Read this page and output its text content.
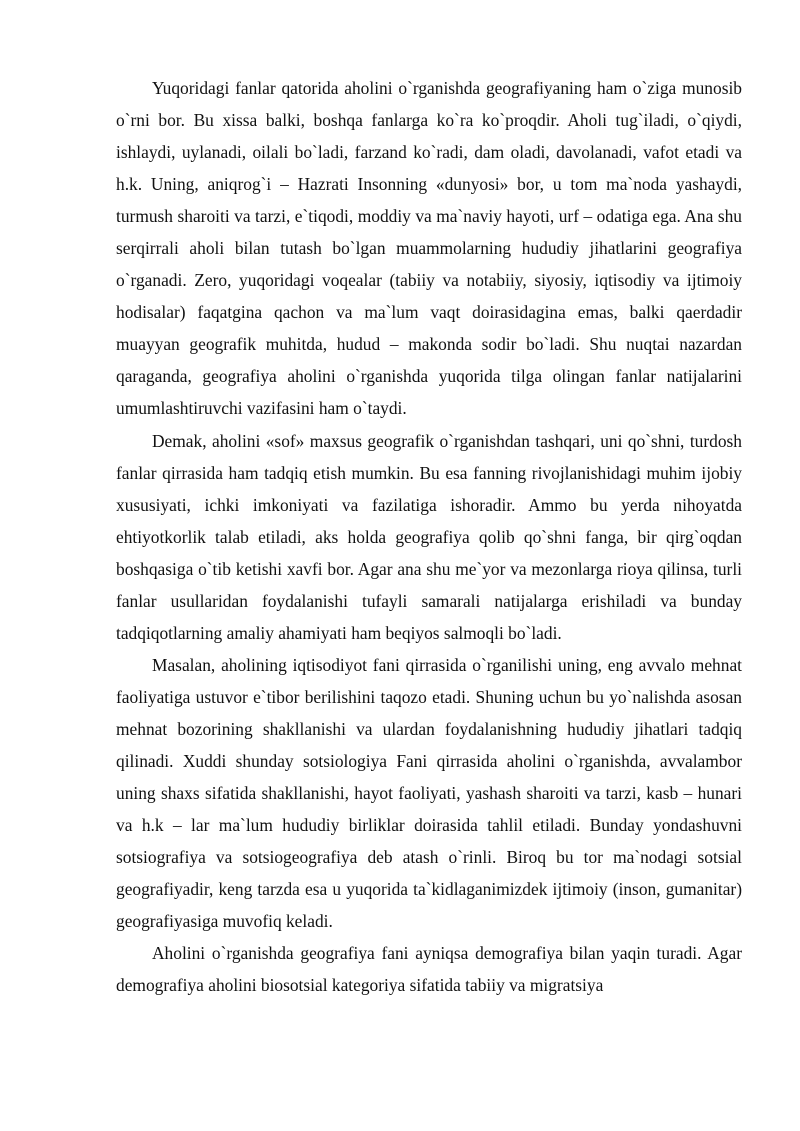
Yuqoridagi fanlar qatorida aholini o`rganishda geografiyaning ham o`ziga munosib o`rni bor. Bu xissa balki, boshqa fanlarga ko`ra ko`proqdir. Aholi tug`iladi, o`qiydi, ishlaydi, uylanadi, oilali bo`ladi, farzand ko`radi, dam oladi, davolanadi, vafot etadi va h.k. Uning, aniqrog`i – Hazrati Insonning «dunyosi» bor, u tom ma`noda yashaydi, turmush sharoiti va tarzi, e`tiqodi, moddiy va ma`naviy hayoti, urf – odatiga ega. Ana shu serqirrali aholi bilan tutash bo`lgan muammolarning hududiy jihatlarini geografiya o`rganadi. Zero, yuqoridagi voqealar (tabiiy va notabiiy, siyosiy, iqtisodiy va ijtimoiy hodisalar) faqatgina qachon va ma`lum vaqt doirasidagina emas, balki qaerdadir muayyan geografik muhitda, hudud – makonda sodir bo`ladi. Shu nuqtai nazardan qaraganda, geografiya aholini o`rganishda yuqorida tilga olingan fanlar natijalarini umumlashtiruvchi vazifasini ham o`taydi.

Demak, aholini «sof» maxsus geografik o`rganishdan tashqari, uni qo`shni, turdosh fanlar qirrasida ham tadqiq etish mumkin. Bu esa fanning rivojlanishidagi muhim ijobiy xususiyati, ichki imkoniyati va fazilatiga ishoradir. Ammo bu yerda nihoyatda ehtiyotkorlik talab etiladi, aks holda geografiya qolib qo`shni fanga, bir qirg`oqdan boshqasiga o`tib ketishi xavfi bor. Agar ana shu me`yor va mezonlarga rioya qilinsa, turli fanlar usullaridan foydalanishi tufayli samarali natijalarga erishiladi va bunday tadqiqotlarning amaliy ahamiyati ham beqiyos salmoqli bo`ladi.

Masalan, aholining iqtisodiyot fani qirrasida o`rganilishi uning, eng avvalo mehnat faoliyatiga ustuvor e`tibor berilishini taqozo etadi. Shuning uchun bu yo`nalishda asosan mehnat bozorining shakllanishi va ulardan foydalanishning hududiy jihatlari tadqiq qilinadi. Xuddi shunday sotsiologiya Fani qirrasida aholini o`rganishda, avvalambor uning shaxs sifatida shakllanishi, hayot faoliyati, yashash sharoiti va tarzi, kasb – hunari va h.k – lar ma`lum hududiy birliklar doirasida tahlil etiladi. Bunday yondashuvni sotsiografiya va sotsiogeografiya deb atash o`rinli. Biroq bu tor ma`nodagi sotsial geografiyadir, keng tarzda esa u yuqorida ta`kidlaganimizdek ijtimoiy (inson, gumanitar) geografiyasiga muvofiq keladi.

Aholini o`rganishda geografiya fani ayniqsa demografiya bilan yaqin turadi. Agar demografiya aholini biosotsial kategoriya sifatida tabiiy va migratsiya
